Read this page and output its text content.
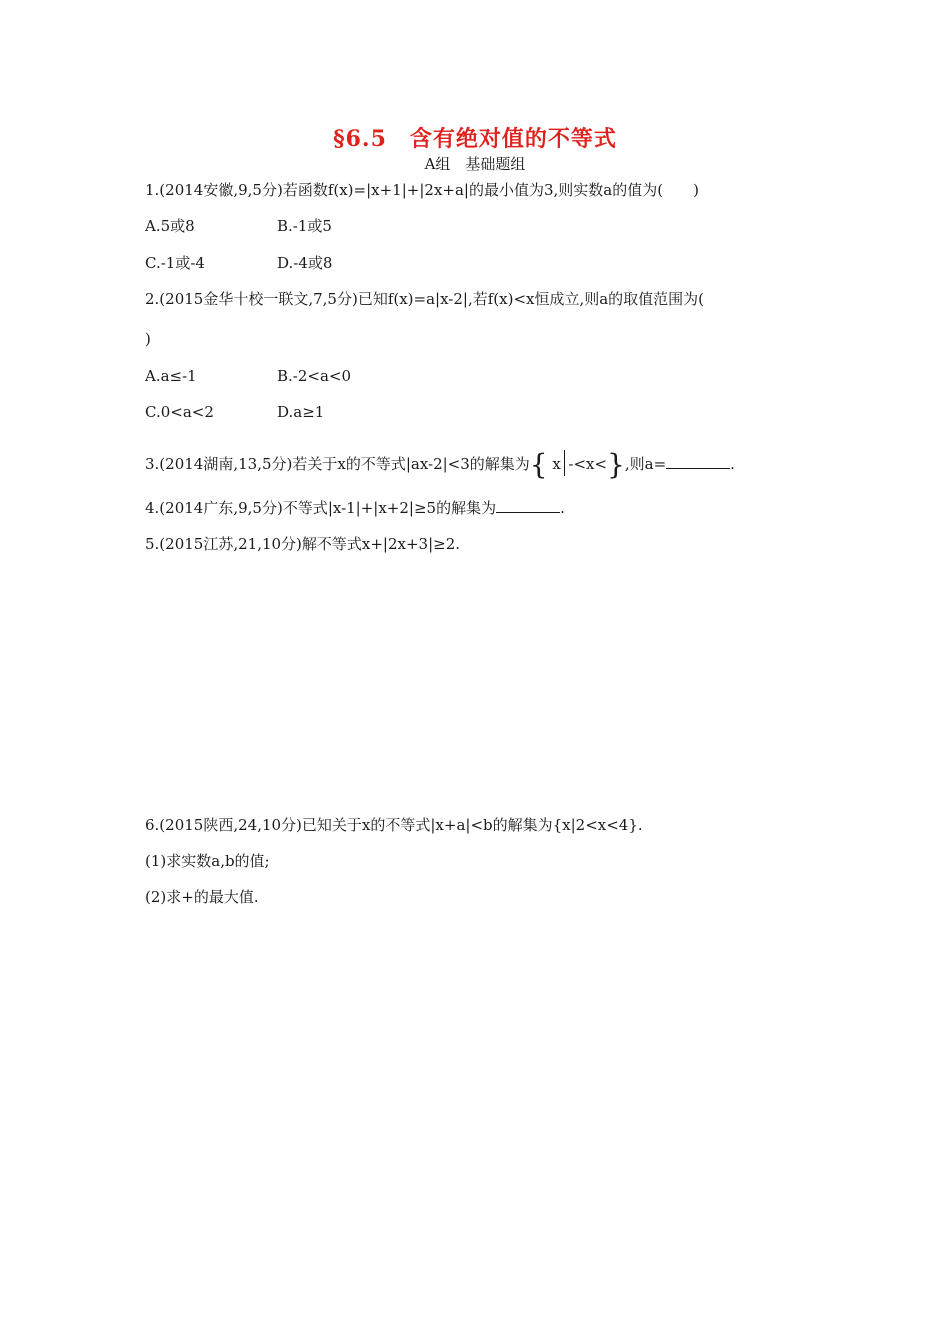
§6.5　含有绝对值的不等式
A组　基础题组
1.(2014安徽,9,5分)若函数f(x)=|x+1|+|2x+a|的最小值为3,则实数a的值为(　　)
A.5或8	B.-1或5
C.-1或-4	D.-4或8
2.(2015金华十校一联文,7,5分)已知f(x)=a|x-2|,若f(x)<x恒成立,则a的取值范围为(
)
A.a≤-1	B.-2<a<0
C.0<a<2	D.a≥1
3.(2014湖南,13,5分)若关于x的不等式|ax-2|<3的解集为{ x -<x<},则a=	.
4.(2014广东,9,5分)不等式|x-1|+|x+2|≥5的解集为	.
5.(2015江苏,21,10分)解不等式x+|2x+3|≥2.
6.(2015陕西,24,10分)已知关于x的不等式|x+a|<b的解集为{x|2<x<4}.
(1)求实数a,b的值;
(2)求+的最大值.
